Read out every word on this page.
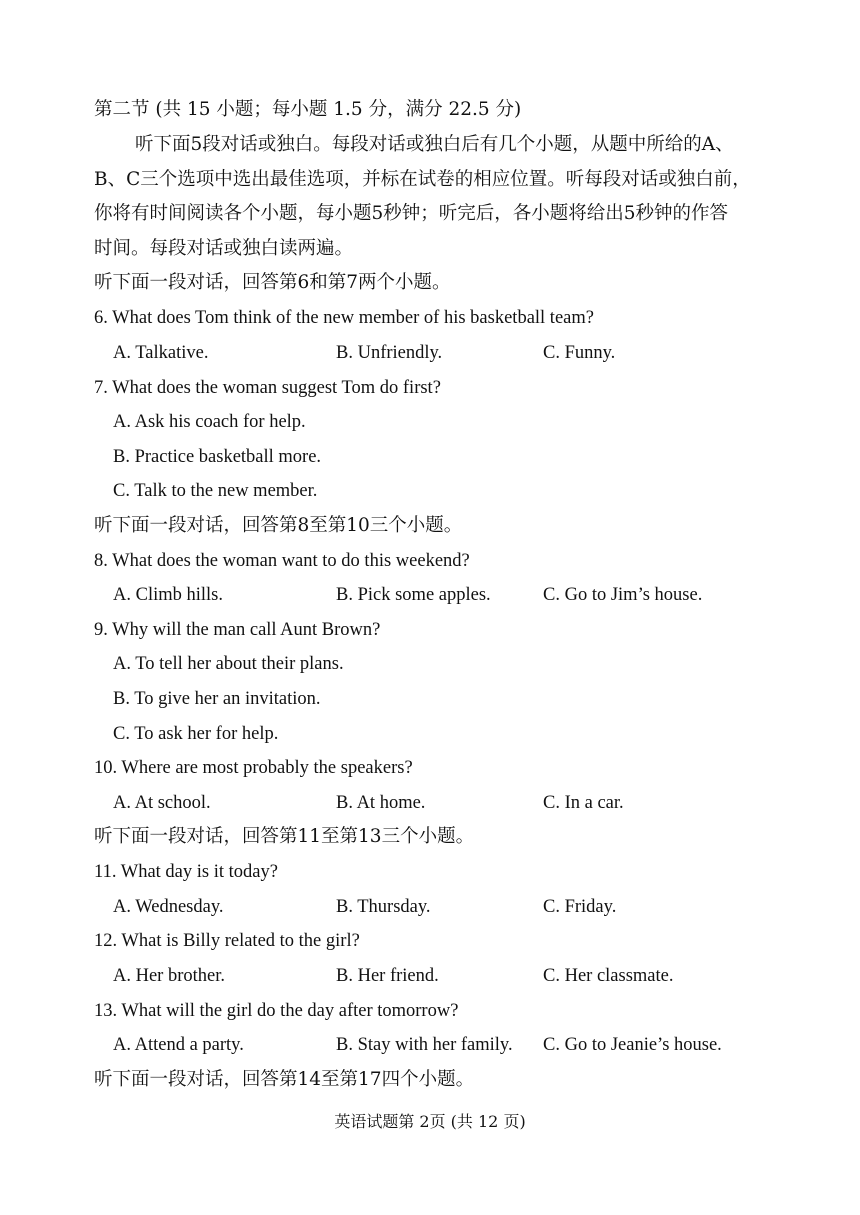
第二节 (共 15 小题；每小题 1.5 分，满分 22.5 分)
听下面5段对话或独白。每段对话或独白后有几个小题，从题中所给的A、
B、C三个选项中选出最佳选项，并标在试卷的相应位置。听每段对话或独白前，
你将有时间阅读各个小题，每小题5秒钟；听完后，各小题将给出5秒钟的作答
时间。每段对话或独白读两遍。
听下面一段对话，回答第6和第7两个小题。
6. What does Tom think of the new member of his basketball team?
A. Talkative.	B. Unfriendly.	C. Funny.
7. What does the woman suggest Tom do first?
A. Ask his coach for help.
B. Practice basketball more.
C. Talk to the new member.
听下面一段对话，回答第8至第10三个小题。
8. What does the woman want to do this weekend?
A. Climb hills.	B. Pick some apples.	C. Go to Jim’s house.
9. Why will the man call Aunt Brown?
A. To tell her about their plans.
B. To give her an invitation.
C. To ask her for help.
10. Where are most probably the speakers?
A. At school.	B. At home.	C. In a car.
听下面一段对话，回答第11至第13三个小题。
11. What day is it today?
A. Wednesday.	B. Thursday.	C. Friday.
12. What is Billy related to the girl?
A. Her brother.	B. Her friend.	C. Her classmate.
13. What will the girl do the day after tomorrow?
A. Attend a party.	B. Stay with her family. C. Go to Jeanie’s house.
听下面一段对话，回答第14至第17四个小题。
英语试题第 2页 (共 12 页)
